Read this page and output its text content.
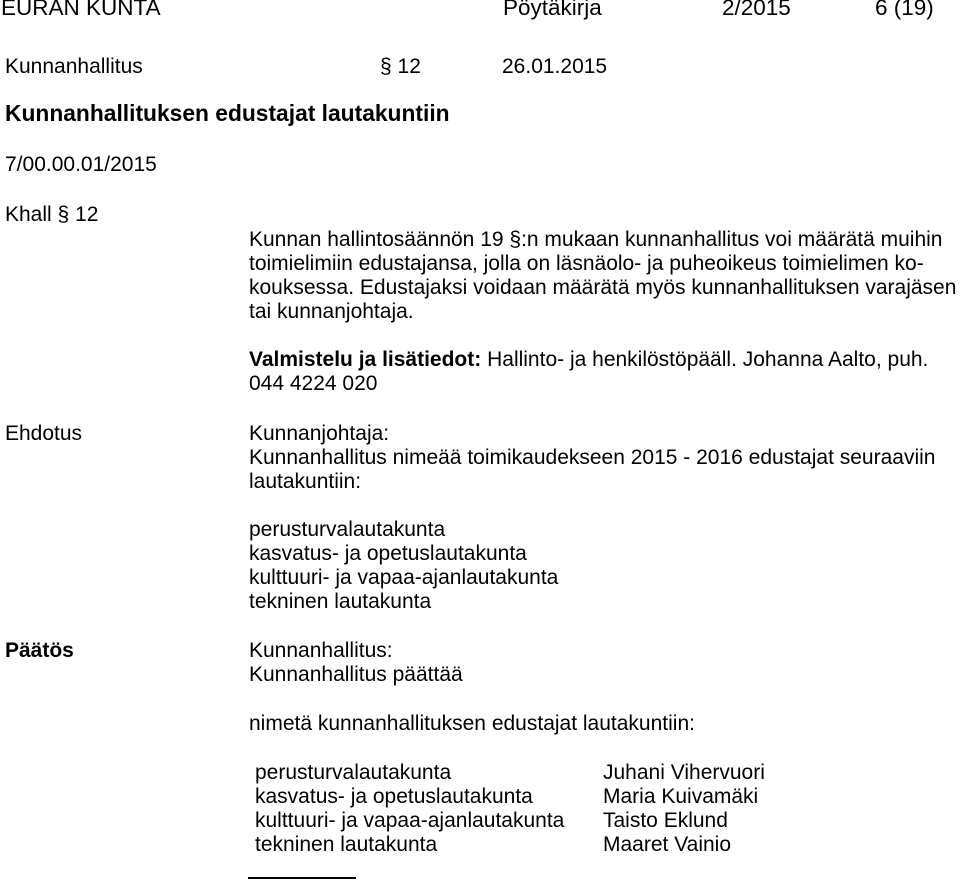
EURAN KUNTA	Pöytäkirja	2/2015	6 (19)
Kunnanhallitus	§ 12	26.01.2015
Kunnanhallituksen edustajat lautakuntiin
7/00.00.01/2015
Khall § 12
Kunnan hallintosäännön 19 §:n mukaan kunnanhallitus voi määrätä muihin
toimielimiin edustajansa, jolla on läsnäolo- ja puheoikeus toimielimen ko-
kouksessa. Edustajaksi voidaan määrätä myös kunnanhallituksen varajäsen
tai kunnanjohtaja.
Valmistelu ja lisätiedot: Hallinto- ja henkilöstöpääll. Johanna Aalto, puh.
044 4224 020
Ehdotus	Kunnanjohtaja:
Kunnanhallitus nimeää toimikaudekseen 2015 - 2016 edustajat seuraaviin
lautakuntiin:
perusturvalautakunta
kasvatus- ja opetuslautakunta
kulttuuri- ja vapaa-ajanlautakunta
tekninen lautakunta
Päätös	Kunnanhallitus:
Kunnanhallitus päättää
nimetä kunnanhallituksen edustajat lautakuntiin:
perusturvalautakunta	Juhani Vihervuori
kasvatus- ja opetuslautakunta	Maria Kuivamäki
kulttuuri- ja vapaa-ajanlautakunta Taisto Eklund
tekninen lautakunta	Maaret Vainio
